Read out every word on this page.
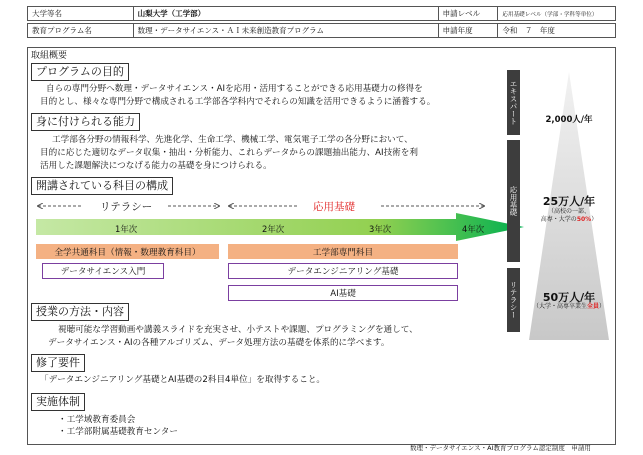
大学等名	山梨大学（工学部）	申請レベル	応用基礎レベル（学部・学科等単位）
教育プログラム名	数理・データサイエンス・ＡＩ未来創造教育プログラム	申請年度	令和　７　年度
取組概要
プログラムの目的
自らの専門分野へ数理・データサイエンス・AIを応用・活用することができる応用基礎力の修得を
目的とし、様々な専門分野で構成される工学部各学科内でそれらの知識を活用できるように涵養する。
身に付けられる能力
工学部各分野の情報科学、先進化学、生命工学、機械工学、電気電子工学の各分野において、
目的に応じた適切なデータ収集・抽出・分析能力、これらデータからの課題抽出能力、AI技術を利
活用した課題解決につなげる能力の基礎を身につけられる。
開講されている科目の構成
リテラシー	応用基礎
1年次	2年次	3年次	4年次
全学共通科目（情報・数理教育科目）	工学部専門科目
データサイエンス入門	データエンジニアリング基礎
AI基礎
授業の方法・内容
視聴可能な学習動画や講義スライドを充実させ、小テストや課題、プログラミングを通して、
データサイエンス・AIの各種アルゴリズム、データ処理方法の基礎を体系的に学べます。
修了要件
「データエンジニアリング基礎とAI基礎の2科目4単位」を取得すること。
実施体制
・工学域教育委員会
・工学部附属基礎教育センター
エキスパート
応用基礎
リテラシー
2,000人/年
25万人/年
（高校の一部、
高専・大学の50%）
50万人/年
（大学・高専卒業生全員）
数理・データサイエンス・AI教育プログラム認定制度　申請用
